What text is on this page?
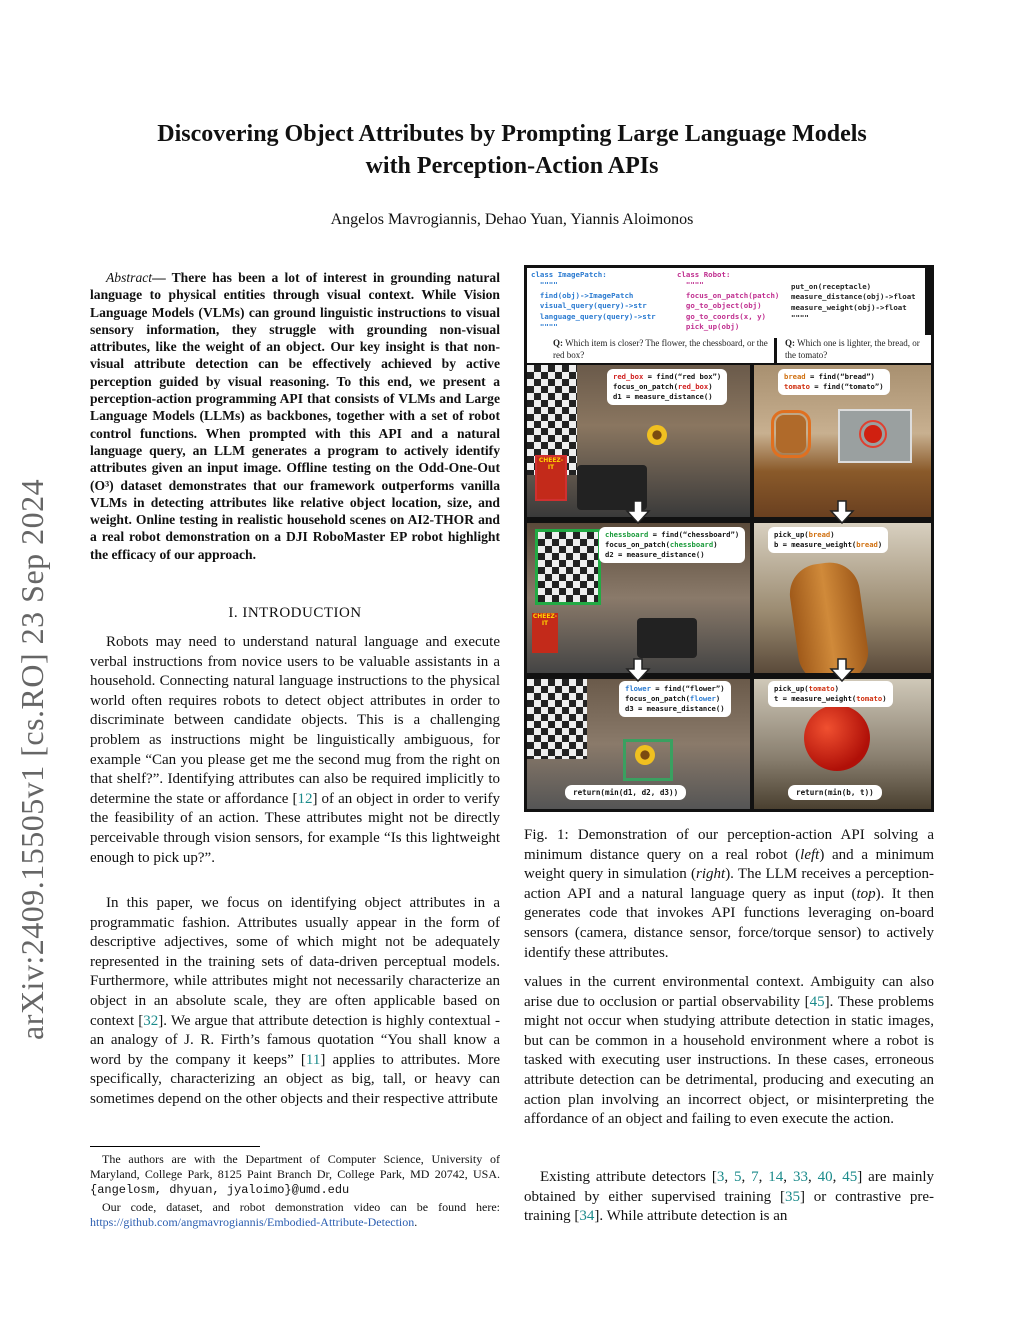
arXiv:2409.15505v1 [cs.RO] 23 Sep 2024
Discovering Object Attributes by Prompting Large Language Models
with Perception-Action APIs
Angelos Mavrogiannis, Dehao Yuan, Yiannis Aloimonos
Abstract— There has been a lot of interest in grounding natural language to physical entities through visual context. While Vision Language Models (VLMs) can ground linguistic instructions to visual sensory information, they struggle with grounding non-visual attributes, like the weight of an object. Our key insight is that non-visual attribute detection can be effectively achieved by active perception guided by visual reasoning. To this end, we present a perception-action programming API that consists of VLMs and Large Language Models (LLMs) as backbones, together with a set of robot control functions. When prompted with this API and a natural language query, an LLM generates a program to actively identify attributes given an input image. Offline testing on the Odd-One-Out (O³) dataset demonstrates that our framework outperforms vanilla VLMs in detecting attributes like relative object location, size, and weight. Online testing in realistic household scenes on AI2-THOR and a real robot demonstration on a DJI RoboMaster EP robot highlight the efficacy of our approach.
I. INTRODUCTION
Robots may need to understand natural language and execute verbal instructions from novice users to be valuable assistants in a household. Connecting natural language instructions to the physical world often requires robots to detect object attributes in order to discriminate between candidate objects. This is a challenging problem as instructions might be linguistically ambiguous, for example “Can you please get me the second mug from the right on that shelf?”. Identifying attributes can also be required implicitly to determine the state or affordance [12] of an object in order to verify the feasibility of an action. These attributes might not be directly perceivable through vision sensors, for example “Is this lightweight enough to pick up?”.
In this paper, we focus on identifying object attributes in a programmatic fashion. Attributes usually appear in the form of descriptive adjectives, some of which might not be adequately represented in the training sets of data-driven perceptual models. Furthermore, while attributes might not necessarily characterize an object in an absolute scale, they are often applicable based on context [32]. We argue that attribute detection is highly contextual - an analogy of J. R. Firth’s famous quotation “You shall know a word by the company it keeps” [11] applies to attributes. More specifically, characterizing an object as big, tall, or heavy can sometimes depend on the other objects and their respective attribute

The authors are with the Department of Computer Science, University of Maryland, College Park, 8125 Paint Branch Dr, College Park, MD 20742, USA. {angelosm, dhyuan, jyaloimo}@umd.edu

Our code, dataset, and robot demonstration video can be found here: https://github.com/angmavrogiannis/Embodied-Attribute-Detection.

class ImagePatch:
""""
find(obj)->ImagePatch
visual_query(query)->str
language_query(query)->str
""""
class Robot:
""""
focus_on_patch(patch)
go_to_object(obj)
go_to_coords(x, y)
pick_up(obj)
put_on(receptacle)
measure_distance(obj)->float
measure_weight(obj)->float
""""
Q: Which item is closer? The flower, the chessboard, or the red box?
Q: Which one is lighter, the bread, or the tomato?
CHEEZ-IT
red_box = find(“red box”)
focus_on_patch(red_box)
d1 = measure_distance()
CHEEZ-IT
chessboard = find(“chessboard”)
focus_on_patch(chessboard)
d2 = measure_distance()
flower = find(“flower”)
focus_on_patch(flower)
d3 = measure_distance()
return(min(d1, d2, d3))
bread = find(“bread”)
tomato = find(“tomato”)
pick_up(bread)
b = measure_weight(bread)
pick_up(tomato)
t = measure_weight(tomato)
return(min(b, t))
Fig. 1: Demonstration of our perception-action API solving a minimum distance query on a real robot (left) and a minimum weight query in simulation (right). The LLM receives a perception-action API and a natural language query as input (top). It then generates code that invokes API functions leveraging on-board sensors (camera, distance sensor, force/torque sensor) to actively identify these attributes.
values in the current environmental context. Ambiguity can also arise due to occlusion or partial observability [45]. These problems might not occur when studying attribute detection in static images, but can be common in a household environment where a robot is tasked with executing user instructions. In these cases, erroneous attribute detection can be detrimental, producing and executing an action plan involving an incorrect object, or misinterpreting the affordance of an object and failing to even execute the action.
Existing attribute detectors [3, 5, 7, 14, 33, 40, 45] are mainly obtained by either supervised training [35] or contrastive pre-training [34]. While attribute detection is an
